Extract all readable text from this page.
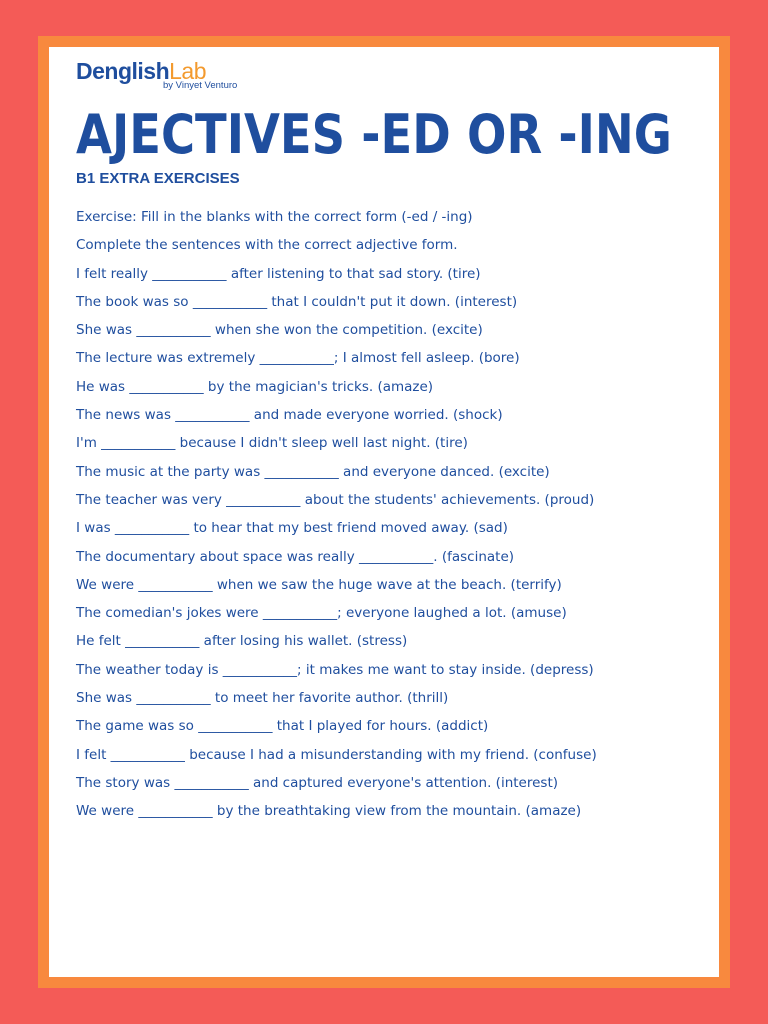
DenglishLab
by Vinyet Venturo
AJECTIVES -ED OR -ING
B1 EXTRA EXERCISES
Exercise: Fill in the blanks with the correct form (-ed / -ing)
Complete the sentences with the correct adjective form.
I felt really ___________ after listening to that sad story. (tire)
The book was so ___________ that I couldn't put it down. (interest)
She was ___________ when she won the competition. (excite)
The lecture was extremely ___________; I almost fell asleep. (bore)
He was ___________ by the magician's tricks. (amaze)
The news was ___________ and made everyone worried. (shock)
I'm ___________ because I didn't sleep well last night. (tire)
The music at the party was ___________ and everyone danced. (excite)
The teacher was very ___________ about the students' achievements. (proud)
I was ___________ to hear that my best friend moved away. (sad)
The documentary about space was really ___________. (fascinate)
We were ___________ when we saw the huge wave at the beach. (terrify)
The comedian's jokes were ___________; everyone laughed a lot. (amuse)
He felt ___________ after losing his wallet. (stress)
The weather today is ___________; it makes me want to stay inside. (depress)
She was ___________ to meet her favorite author. (thrill)
The game was so ___________ that I played for hours. (addict)
I felt ___________ because I had a misunderstanding with my friend. (confuse)
The story was ___________ and captured everyone's attention. (interest)
We were ___________ by the breathtaking view from the mountain. (amaze)
